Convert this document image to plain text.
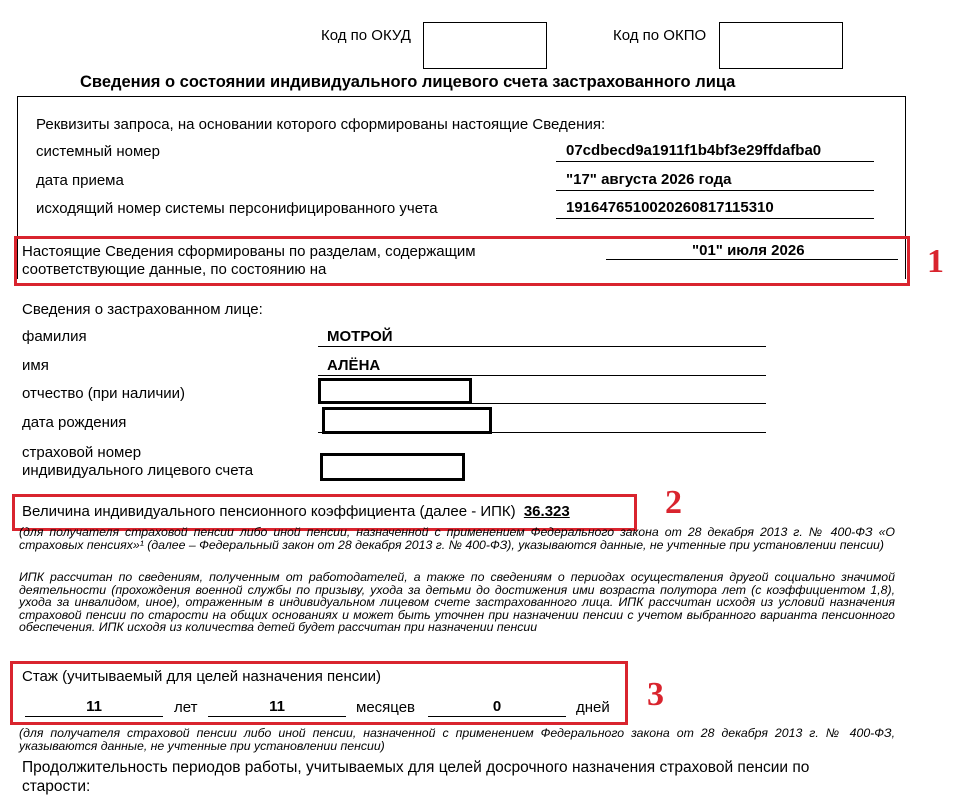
Код по ОКУД	Код по ОКПО
Сведения о состоянии индивидуального лицевого счета застрахованного лица
Реквизиты запроса, на основании которого сформированы настоящие Сведения:
системный номер	07cdbecd9a1911f1b4bf3e29ffdafba0
дата приема	"17" августа 2026 года
исходящий номер системы персонифицированного учета	19164765100202608171153​10
Настоящие Сведения сформированы по разделам, содержащим
соответствующие данные, по состоянию на
"01" июля 2026	1
Сведения о застрахованном лице:
фамилия	МОТРОЙ
имя	АЛЁНА
отчество (при наличии)
дата рождения
страховой номер
индивидуального лицевого счета
Величина индивидуального пенсионного коэффициента (далее - ИПК) 36.323	2
(для получателя страховой пенсии либо иной пенсии, назначенной с применением Федерального закона от 28 декабря 2013 г. № 400-ФЗ «О страховых пенсиях»¹ (далее – Федеральный закон от 28 декабря 2013 г. № 400-ФЗ), указываются данные, не учтенные при установлении пенсии)
ИПК рассчитан по сведениям, полученным от работодателей, а также по сведениям о периодах осуществления другой социально значимой деятельности (прохождения военной службы по призыву, ухода за детьми до достижения ими возраста полутора лет (с коэффициентом 1,8), ухода за инвалидом, иное), отраженным в индивидуальном лицевом счете застрахованного лица. ИПК рассчитан исходя из условий назначения страховой пенсии по старости на общих основаниях и может быть уточнен при назначении пенсии с учетом выбранного варианта пенсионного обеспечения. ИПК исходя из количества детей будет рассчитан при назначении пенсии
Стаж (учитываемый для целей назначения пенсии)	3
11	лет	11	месяцев	0	дней
(для получателя страховой пенсии либо иной пенсии, назначенной с применением Федерального закона от 28 декабря 2013 г. № 400-ФЗ, указываются данные, не учтенные при установлении пенсии)
Продолжительность периодов работы, учитываемых для целей досрочного назначения страховой пенсии по
старости:
